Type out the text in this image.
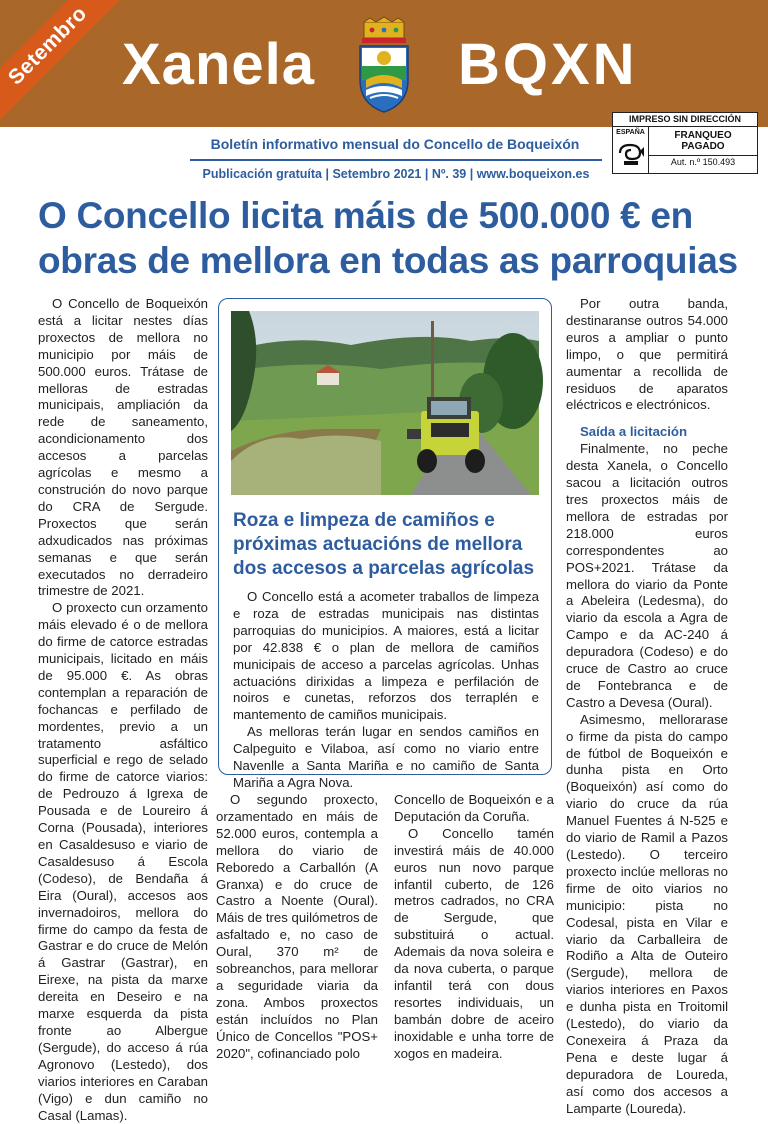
Setembro Xanela BQXN
Boletín informativo mensual do Concello de Boqueixón
Publicación gratuíta | Setembro 2021 | Nº. 39 | www.boqueixon.es
IMPRESO SIN DIRECCIÓN
ESPAÑA	FRANQUEO
PAGADO
Aut. n.º 150.493
O Concello licita máis de 500.000 € en obras de mellora en todas as parroquias

O Concello de Boqueixón está a licitar nestes días proxectos de mellora no municipio por máis de 500.000 euros. Trátase de melloras de estradas municipais, ampliación da rede de saneamento, acondicionamento dos accesos a parcelas agrícolas e mesmo a construción do novo parque do CRA de Sergude. Proxectos que serán adxudicados nas próximas semanas e que serán executados no derradeiro trimestre de 2021.

O proxecto cun orzamento máis elevado é o de mellora do firme de catorce estradas municipais, licitado en máis de 95.000 €. As obras contemplan a reparación de fochancas e perfilado de mordentes, previo a un tratamento asfáltico superficial e rego de selado do firme de catorce viarios: de Pedrouzo á Igrexa de Pousada e de Loureiro á Corna (Pousada), interiores en Casaldesuso e viario de Casaldesuso á Escola (Codeso), de Bendaña á Eira (Oural), accesos aos invernadoiros, mellora do firme do campo da festa de Gastrar e do cruce de Melón á Gastrar (Gastrar), en Eirexe, na pista da marxe dereita en Deseiro e na marxe esquerda da pista fronte ao Albergue (Sergude), do acceso á rúa Agronovo (Lestedo), dos viarios interiores en Caraban (Vigo) e dun camiño no Casal (Lamas).

Roza e limpeza de camiños e próximas actuacións de mellora dos accesos a parcelas agrícolas

O Concello está a acometer traballos de limpeza e roza de estradas municipais nas distintas parroquias do municipios. A maiores, está a licitar por 42.838 € o plan de mellora de camiños municipais de acceso a parcelas agrícolas. Unhas actuacións dirixidas a limpeza e perfilación de noiros e cunetas, reforzos dos terraplén e mantemento de camiños municipais.

As melloras terán lugar en sendos camiños en Calpeguito e Vilaboa, así como no viario entre Navenlle a Santa Mariña e no camiño de Santa Mariña a Agra Nova.

O segundo proxecto, orzamentado en máis de 52.000 euros, contempla a mellora do viario de Reboredo a Carballón (A Granxa) e do cruce de Castro a Noente (Oural). Máis de tres quilómetros de asfaltado e, no caso de Oural, 370 m² de sobreanchos, para mellorar a seguridade viaria da zona. Ambos proxectos están incluídos no Plan Único de Concellos "POS+ 2020", cofinanciado polo

Concello de Boqueixón e a Deputación da Coruña.

O Concello tamén investirá máis de 40.000 euros nun novo parque infantil cuberto, de 126 metros cadrados, no CRA de Sergude, que substituirá o actual. Ademais da nova soleira e da nova cuberta, o parque infantil terá con dous resortes individuais, un bambán dobre de aceiro inoxidable e unha torre de xogos en madeira.

Por outra banda, destinaranse outros 54.000 euros a ampliar o punto limpo, o que permitirá aumentar a recollida de residuos de aparatos eléctricos e electrónicos.

Saída a licitación

Finalmente, no peche desta Xanela, o Concello sacou a licitación outros tres proxectos máis de mellora de estradas por 218.000 euros correspondentes ao POS+2021. Trátase da mellora do viario da Ponte a Abeleira (Ledesma), do viario da escola a Agra de Campo e da AC-240 á depuradora (Codeso) e do cruce de Castro ao cruce de Fontebranca e de Castro a Devesa (Oural).

Asimesmo, mellorarase o firme da pista do campo de fútbol de Boqueixón e dunha pista en Orto (Boqueixón) así como do viario do cruce da rúa Manuel Fuentes á N-525 e do viario de Ramil a Pazos (Lestedo). O terceiro proxecto inclúe melloras no firme de oito viarios no municipio: pista no Codesal, pista en Vilar e viario da Carballeira de Rodiño a Alta de Outeiro (Sergude), mellora de viarios interiores en Paxos e dunha pista en Troitomil (Lestedo), do viario da Conexeira á Praza da Pena e deste lugar á depuradora de Loureda, así como dos accesos a Lamparte (Loureda).
